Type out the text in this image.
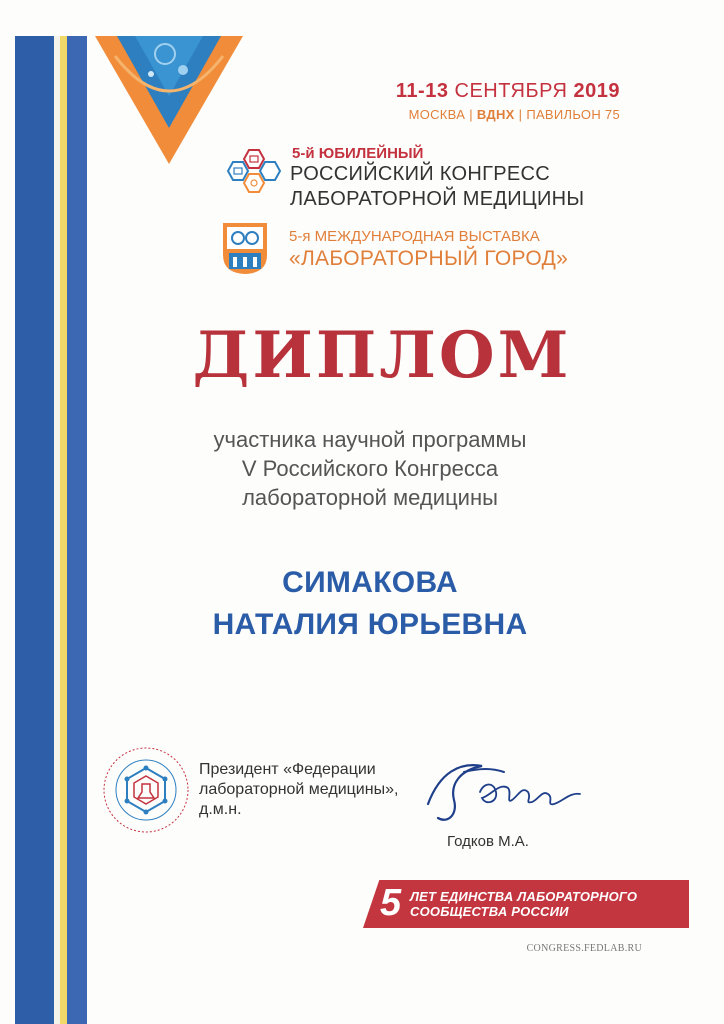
11-13 СЕНТЯБРЯ 2019
МОСКВА | ВДНХ | ПАВИЛЬОН 75
5-й ЮБИЛЕЙНЫЙ
РОССИЙСКИЙ КОНГРЕСС
ЛАБОРАТОРНОЙ МЕДИЦИНЫ
5-я МЕЖДУНАРОДНАЯ ВЫСТАВКА
«ЛАБОРАТОРНЫЙ ГОРОД»
ДИПЛОМ
участника научной программы
V Российского Конгресса
лабораторной медицины
СИМАКОВА
НАТАЛИЯ ЮРЬЕВНА
Президент «Федерации
лабораторной медицины»,
д.м.н.
Годков М.А.
5 ЛЕТ ЕДИНСТВА ЛАБОРАТОРНОГО
СООБЩЕСТВА РОССИИ
CONGRESS.FEDLAB.RU
